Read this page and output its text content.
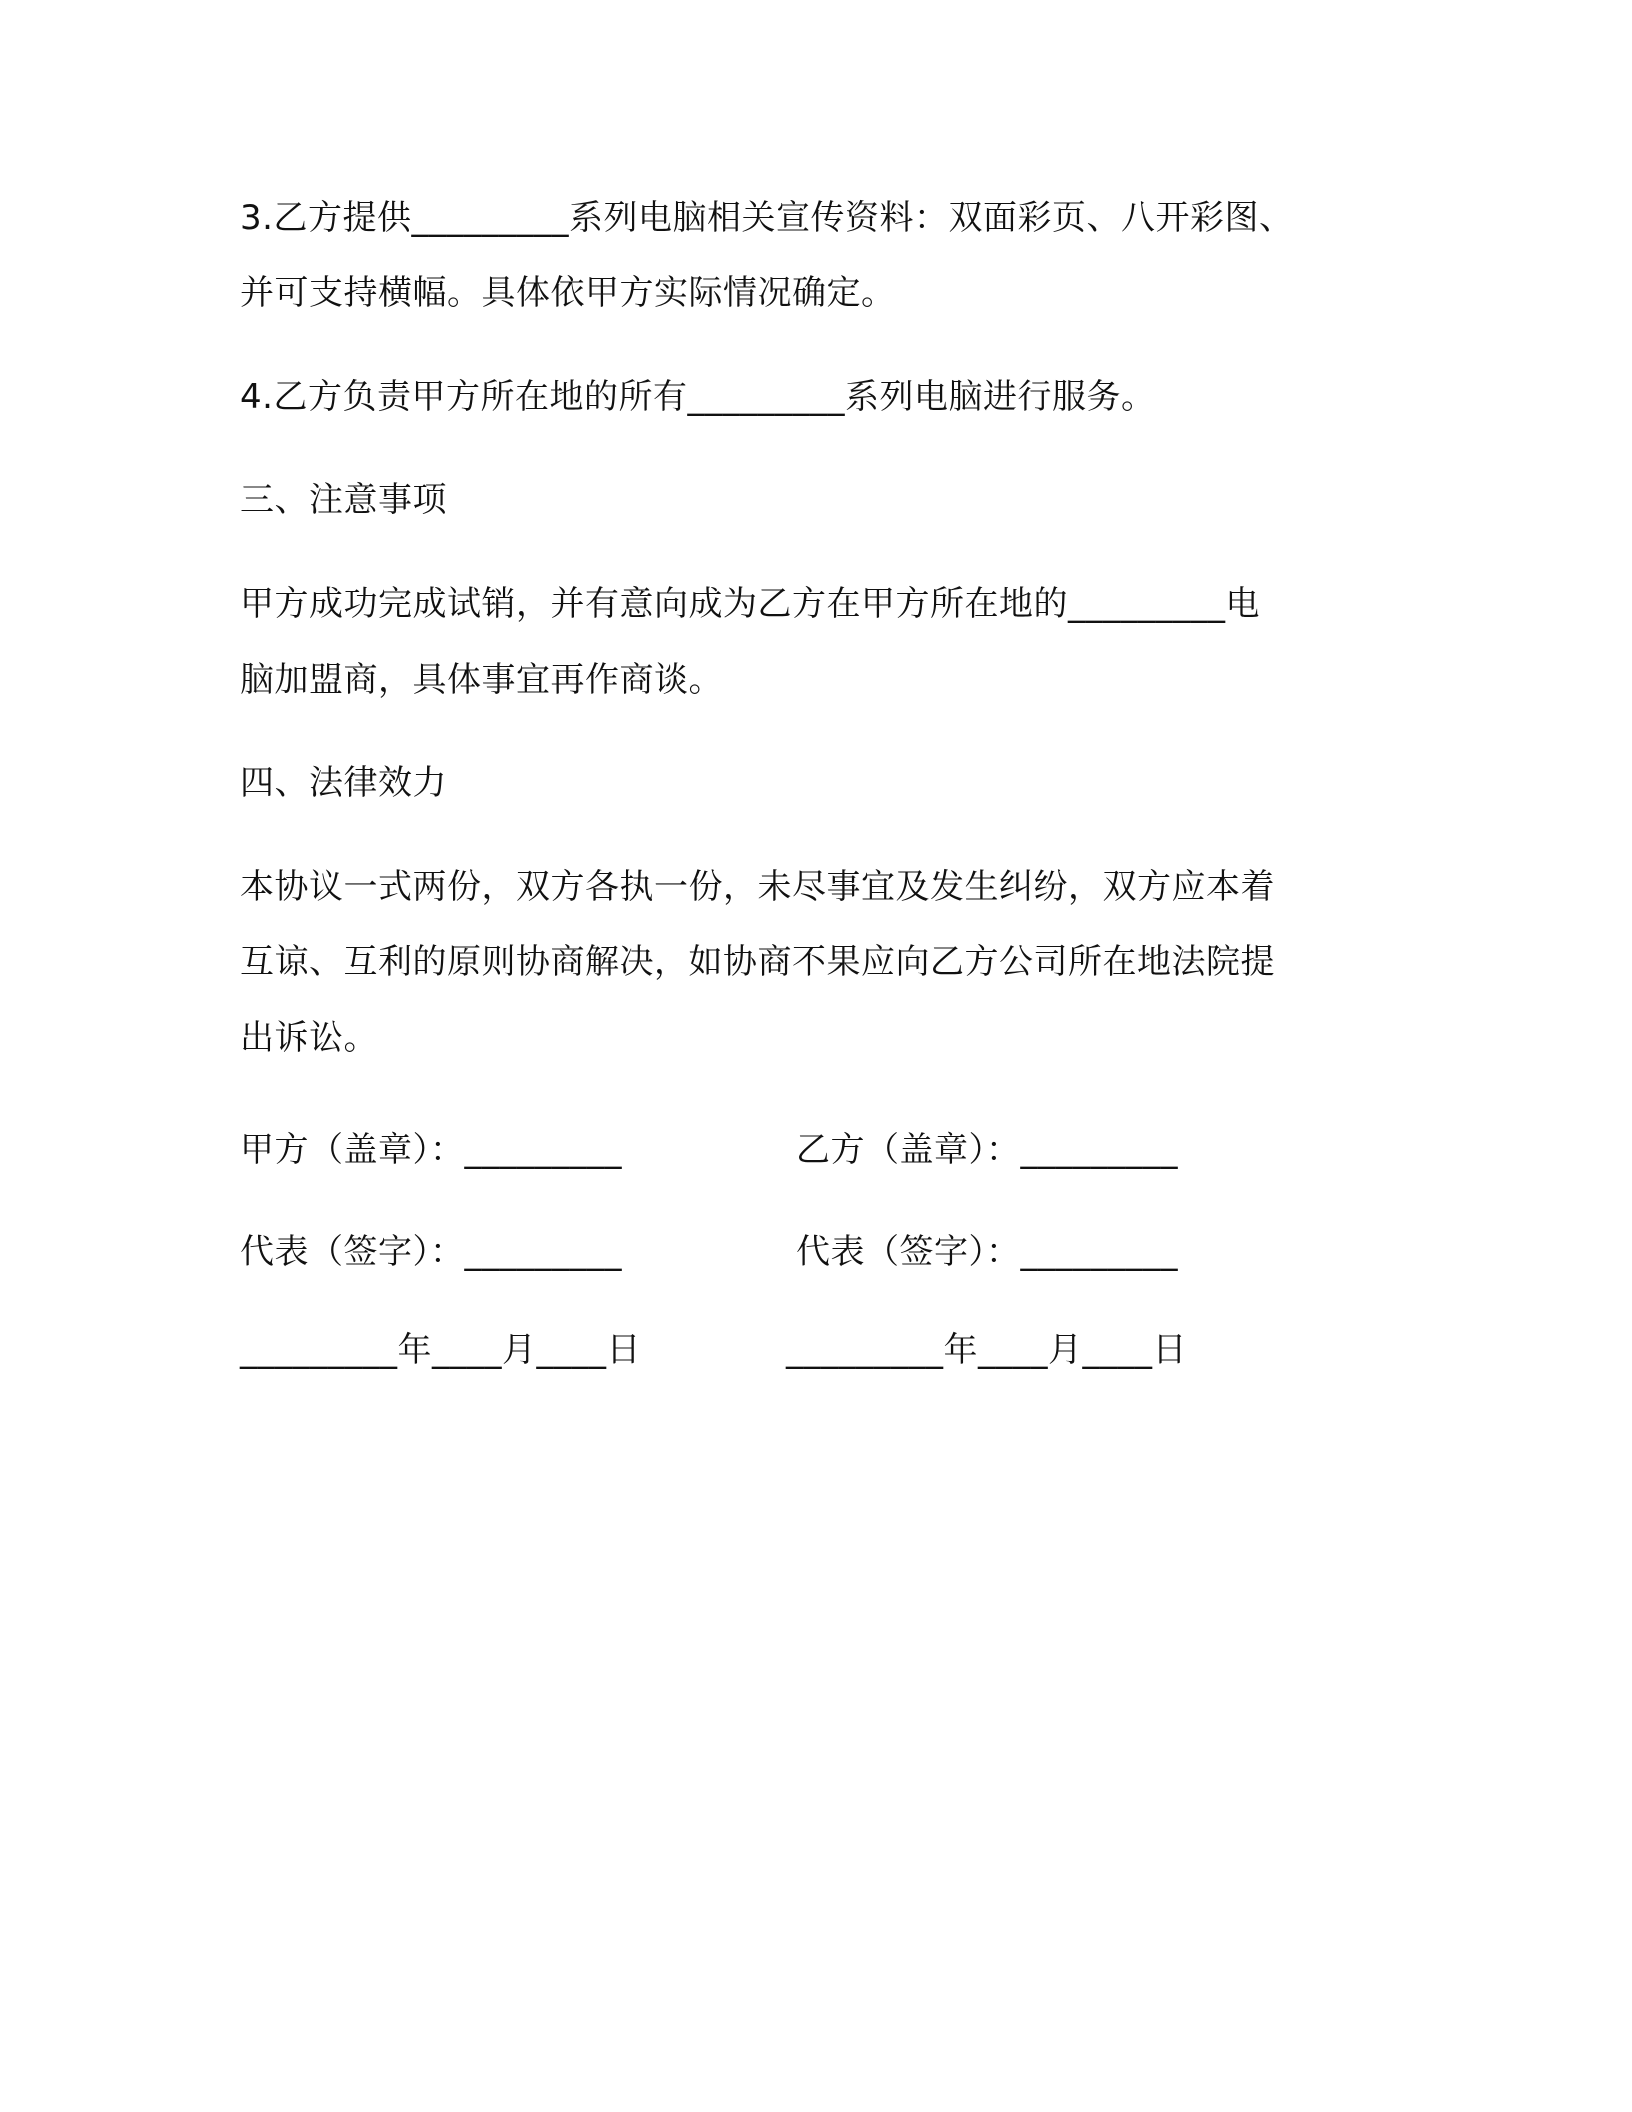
3.乙方提供_________系列电脑相关宣传资料：双面彩页、八开彩图、

并可支持横幅。具体依甲方实际情况确定。

4.乙方负责甲方所在地的所有_________系列电脑进行服务。

三、注意事项

甲方成功完成试销，并有意向成为乙方在甲方所在地的_________电

脑加盟商，具体事宜再作商谈。

四、法律效力

本协议一式两份，双方各执一份，未尽事宜及发生纠纷，双方应本着

互谅、互利的原则协商解决，如协商不果应向乙方公司所在地法院提

出诉讼。

甲方（盖章）：_________	乙方（盖章）：_________

代表（签字）：_________	代表（签字）：_________

_________年____月____日	_________年____月____日
